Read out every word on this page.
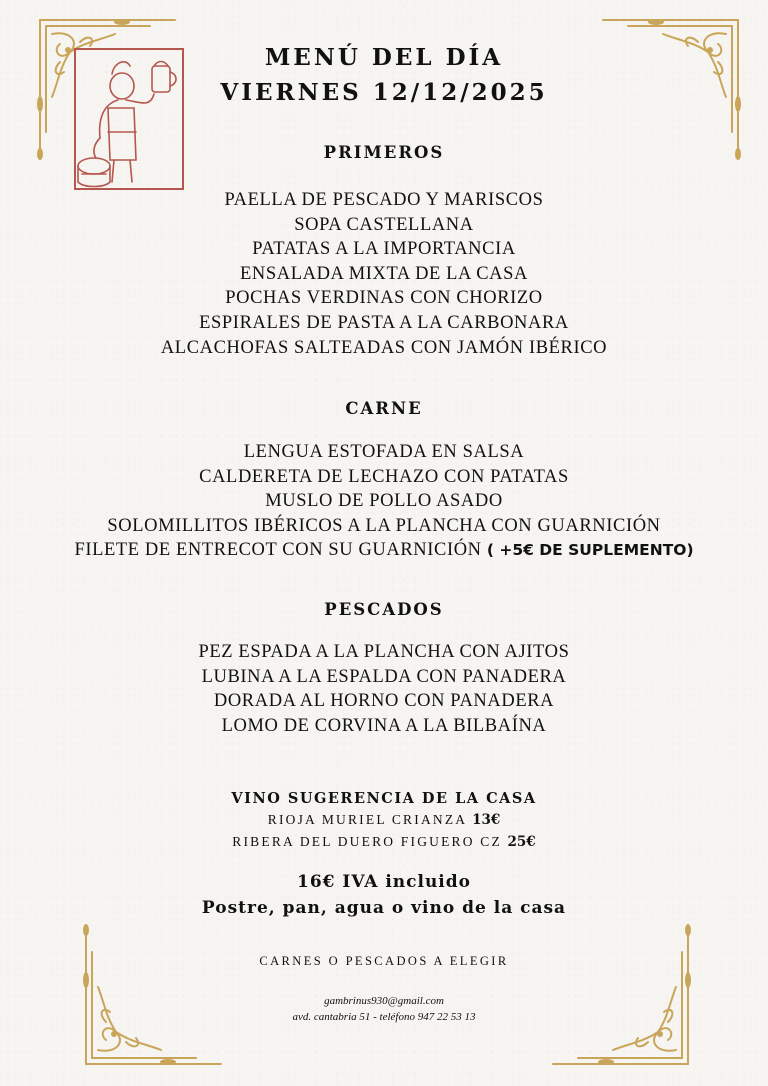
MENÚ DEL DÍA
VIERNES 12/12/2025
PRIMEROS
PAELLA DE PESCADO Y MARISCOS
SOPA CASTELLANA
PATATAS A LA IMPORTANCIA
ENSALADA MIXTA DE LA CASA
POCHAS VERDINAS CON CHORIZO
ESPIRALES DE PASTA A LA CARBONARA
ALCACHOFAS SALTEADAS CON JAMÓN IBÉRICO
CARNE
LENGUA ESTOFADA EN SALSA
CALDERETA DE LECHAZO CON PATATAS
MUSLO DE POLLO ASADO
SOLOMILLITOS IBÉRICOS A LA PLANCHA CON GUARNICIÓN
FILETE DE ENTRECOT CON SU GUARNICIÓN ( +5€ DE SUPLEMENTO)
PESCADOS
PEZ ESPADA A LA PLANCHA CON AJITOS
LUBINA A LA ESPALDA CON PANADERA
DORADA AL HORNO CON PANADERA
LOMO DE CORVINA A LA BILBAÍNA
VINO SUGERENCIA DE LA CASA
RIOJA MURIEL CRIANZA 13€
RIBERA DEL DUERO FIGUERO CZ 25€
16€ IVA incluido
Postre, pan, agua o vino de la casa
CARNES O PESCADOS A ELEGIR
gambrinus930@gmail.com
avd. cantabria 51 - teléfono 947 22 53 13
